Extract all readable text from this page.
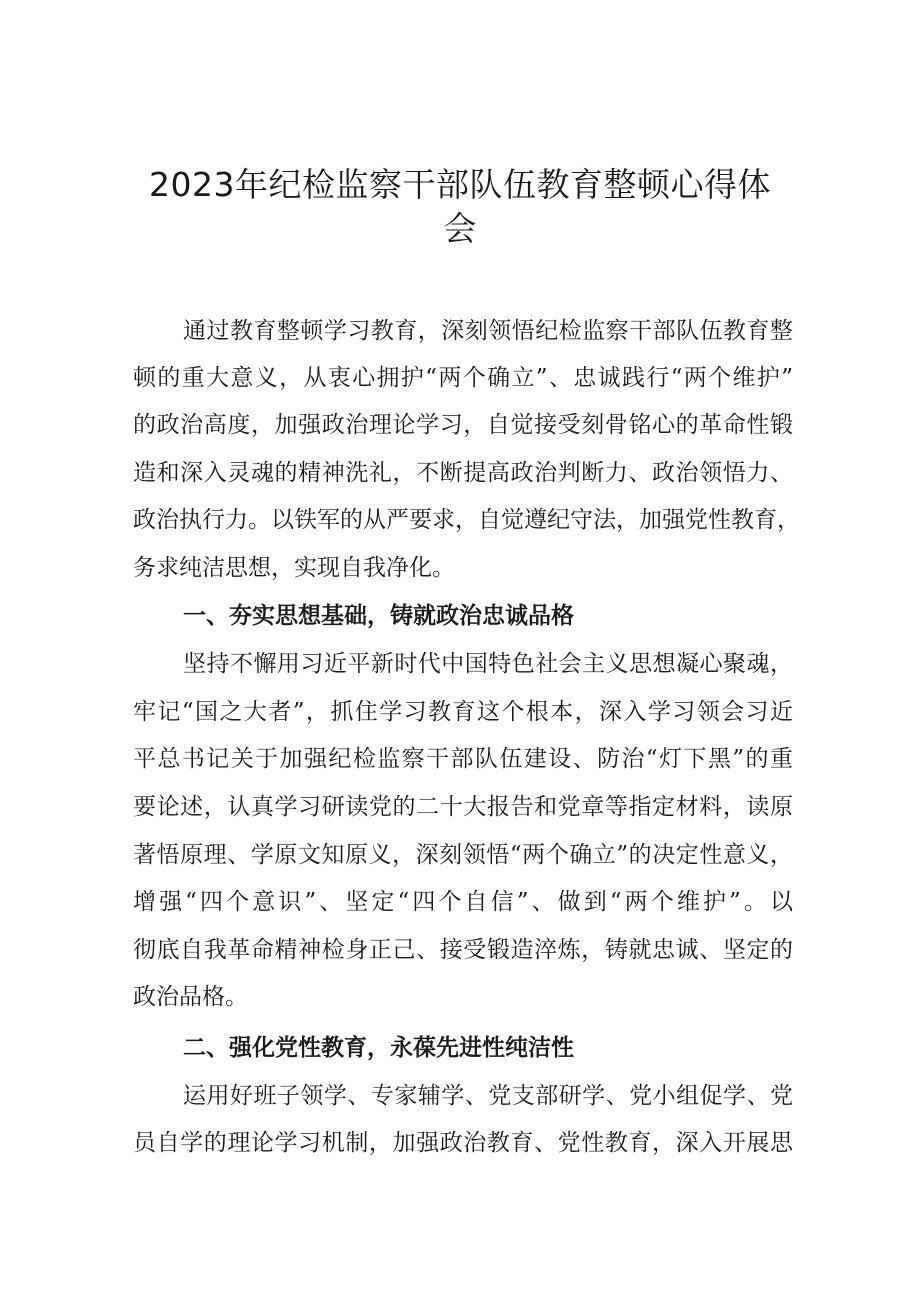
2023年纪检监察干部队伍教育整顿心得体
会

通过教育整顿学习教育，深刻领悟纪检监察干部队伍教育整

顿的重大意义，从衷心拥护“两个确立”、忠诚践行“两个维护”

的政治高度，加强政治理论学习，自觉接受刻骨铭心的革命性锻

造和深入灵魂的精神洗礼，不断提高政治判断力、政治领悟力、

政治执行力。以铁军的从严要求，自觉遵纪守法，加强党性教育，

务求纯洁思想，实现自我净化。

一、夯实思想基础，铸就政治忠诚品格

坚持不懈用习近平新时代中国特色社会主义思想凝心聚魂，

牢记“国之大者”，抓住学习教育这个根本，深入学习领会习近

平总书记关于加强纪检监察干部队伍建设、防治“灯下黑”的重

要论述，认真学习研读党的二十大报告和党章等指定材料，读原

著悟原理、学原文知原义，深刻领悟“两个确立”的决定性意义，

增强“四个意识”、坚定“四个自信”、做到“两个维护”。以

彻底自我革命精神检身正己、接受锻造淬炼，铸就忠诚、坚定的

政治品格。

二、强化党性教育，永葆先进性纯洁性

运用好班子领学、专家辅学、党支部研学、党小组促学、党

员自学的理论学习机制，加强政治教育、党性教育，深入开展思
